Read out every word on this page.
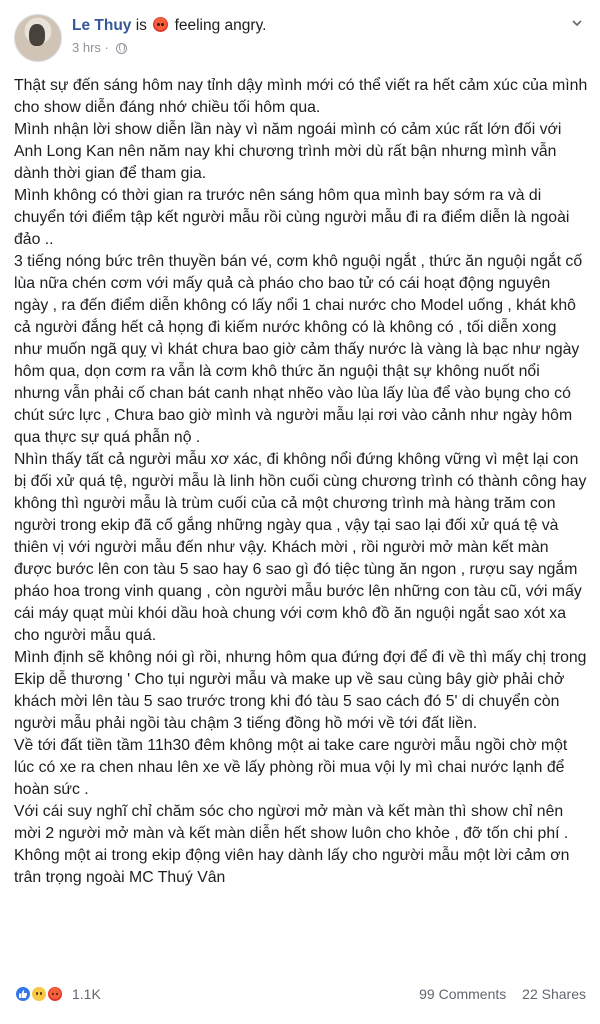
Le Thuy is feeling angry.
3 hrs ·

Thật sự đến sáng hôm nay tỉnh dậy mình mới có thể viết ra hết cảm xúc của mình cho show diễn đáng nhớ chiều tối hôm qua.

Mình nhận lời show diễn lần này vì năm ngoái mình có cảm xúc rất lớn đối với Anh Long Kan nên năm nay khi chương trình mời dù rất bận nhưng mình vẫn dành thời gian để tham gia.

Mình không có thời gian ra trước nên sáng hôm qua mình bay sớm ra và di chuyển tới điểm tập kết người mẫu rồi cùng người mẫu đi ra điểm diễn là ngoài đảo ..

3 tiếng nóng bức trên thuyền bán vé, cơm khô nguội ngắt , thức ăn nguội ngắt cố lùa nữa chén cơm với mấy quả cà pháo cho bao tử có cái hoạt động nguyên ngày , ra đến điểm diễn không có lấy nổi 1 chai nước cho Model uống , khát khô cả người đắng hết cả họng đi kiếm nước không có là không có , tối diễn xong như muốn ngã quỵ vì khát chưa bao giờ cảm thấy nước là vàng là bạc như ngày hôm qua, dọn cơm ra vẫn là cơm khô thức ăn nguội thật sự không nuốt nổi nhưng vẫn phải cố chan bát canh nhạt nhẽo vào lùa lấy lùa để vào bụng cho có chút sức lực , Chưa bao giờ mình và người mẫu lại rơi vào cảnh như ngày hôm qua thực sự quá phẫn nộ .

Nhìn thấy tất cả người mẫu xơ xác, đi không nổi đứng không vững vì mệt lại con bị đối xử quá tệ, người mẫu là linh hồn cuối cùng chương trình có thành công hay không thì người mẫu là trùm cuối của cả một chương trình mà hàng trăm con người trong ekip đã cố gắng những ngày qua , vậy tại sao lại đối xử quá tệ và thiên vị với người mẫu đến như vậy. Khách mời , rồi người mở màn kết màn được bước lên con tàu 5 sao hay 6 sao gì đó tiệc tùng ăn ngon , rượu say ngắm pháo hoa trong vinh quang , còn người mẫu bước lên những con tàu cũ, với mấy cái máy quạt mùi khói dầu hoà chung với cơm khô đồ ăn nguội ngắt sao xót xa cho người mẫu quá.

Mình định sẽ không nói gì rồi, nhưng hôm qua đứng đợi để đi về thì mấy chị trong Ekip dễ thương ' Cho tụi người mẫu và make up về sau cùng bây giờ phải chở khách mời lên tàu 5 sao trước trong khi đó tàu 5 sao cách đó 5' di chuyển còn người mẫu phải ngồi tàu chậm 3 tiếng đồng hồ mới về tới đất liền.

Về tới đất tiền tầm 11h30 đêm không một ai take care người mẫu ngồi chờ một lúc có xe ra chen nhau lên xe về lấy phòng rồi mua vội ly mì chai nước lạnh để hoàn sức .

Với cái suy nghĩ chỉ chăm sóc cho ngừơi mở màn và kết màn thì show chỉ nên mời 2 người mở màn và kết màn diễn hết show luôn cho khỏe , đỡ tốn chi phí .

Không một ai trong ekip động viên hay dành lấy cho người mẫu một lời cảm ơn trân trọng ngoài MC Thuý Vân

1.1K	99 Comments 22 Shares
